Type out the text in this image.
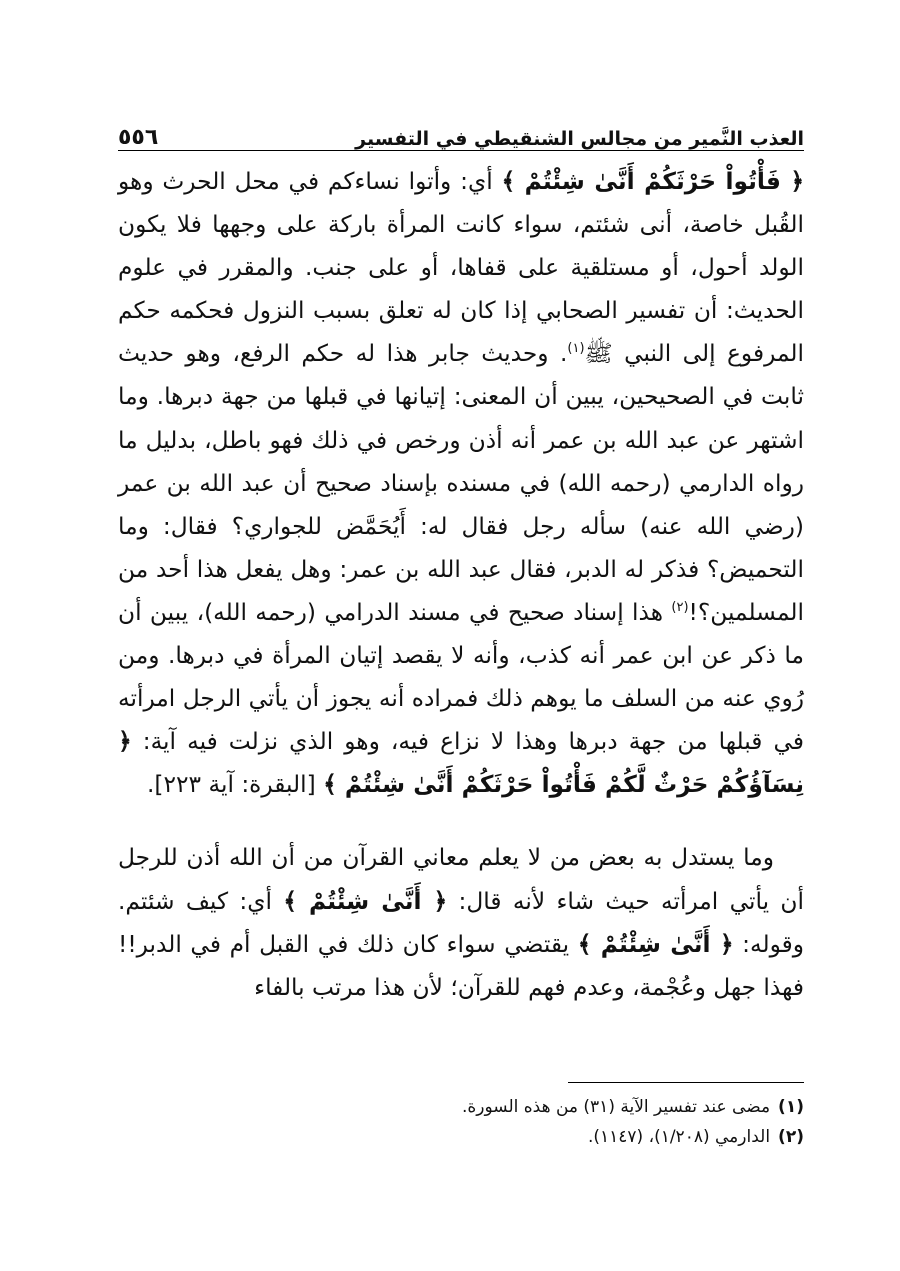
العذب النَّمير من مجالس الشنقيطي في التفسير
٥٥٦

﴿ فَأْتُواْ حَرْثَكُمْ أَنَّىٰ شِئْتُمْ ﴾ أي: وأتوا نساءكم في محل الحرث وهو القُبل خاصة، أنى شئتم، سواء كانت المرأة باركة على وجهها فلا يكون الولد أحول، أو مستلقية على قفاها، أو على جنب. والمقرر في علوم الحديث: أن تفسير الصحابي إذا كان له تعلق بسبب النزول فحكمه حكم المرفوع إلى النبي ﷺ$^{(١)}$. وحديث جابر هذا له حكم الرفع، وهو حديث ثابت في الصحيحين، يبين أن المعنى: إتيانها في قبلها من جهة دبرها. وما اشتهر عن عبد الله بن عمر أنه أذن ورخص في ذلك فهو باطل، بدليل ما رواه الدارمي (رحمه الله) في مسنده بإسناد صحيح أن عبد الله بن عمر (رضي الله عنه) سأله رجل فقال له: أَيُحَمَّض للجواري؟ فقال: وما التحميض؟ فذكر له الدبر، فقال عبد الله بن عمر: وهل يفعل هذا أحد من المسلمين؟!$^{(٢)}$ هذا إسناد صحيح في مسند الدرامي (رحمه الله)، يبين أن ما ذكر عن ابن عمر أنه كذب، وأنه لا يقصد إتيان المرأة في دبرها. ومن رُوي عنه من السلف ما يوهم ذلك فمراده أنه يجوز أن يأتي الرجل امرأته في قبلها من جهة دبرها وهذا لا نزاع فيه، وهو الذي نزلت فيه آية: ﴿ نِسَآؤُكُمْ حَرْثٌ لَّكُمْ فَأْتُواْ حَرْثَكُمْ أَنَّىٰ شِئْتُمْ ﴾ [البقرة: آية ٢٢٣].

وما يستدل به بعض من لا يعلم معاني القرآن من أن الله أذن للرجل أن يأتي امرأته حيث شاء لأنه قال: ﴿ أَنَّىٰ شِئْتُمْ ﴾ أي: كيف شئتم. وقوله: ﴿ أَنَّىٰ شِئْتُمْ ﴾ يقتضي سواء كان ذلك في القبل أم في الدبر!! فهذا جهل وعُجْمة، وعدم فهم للقرآن؛ لأن هذا مرتب بالفاء

(١)
مضى عند تفسير الآية (٣١) من هذه السورة.
(٢)
الدارمي (١/٢٠٨)، (١١٤٧).
